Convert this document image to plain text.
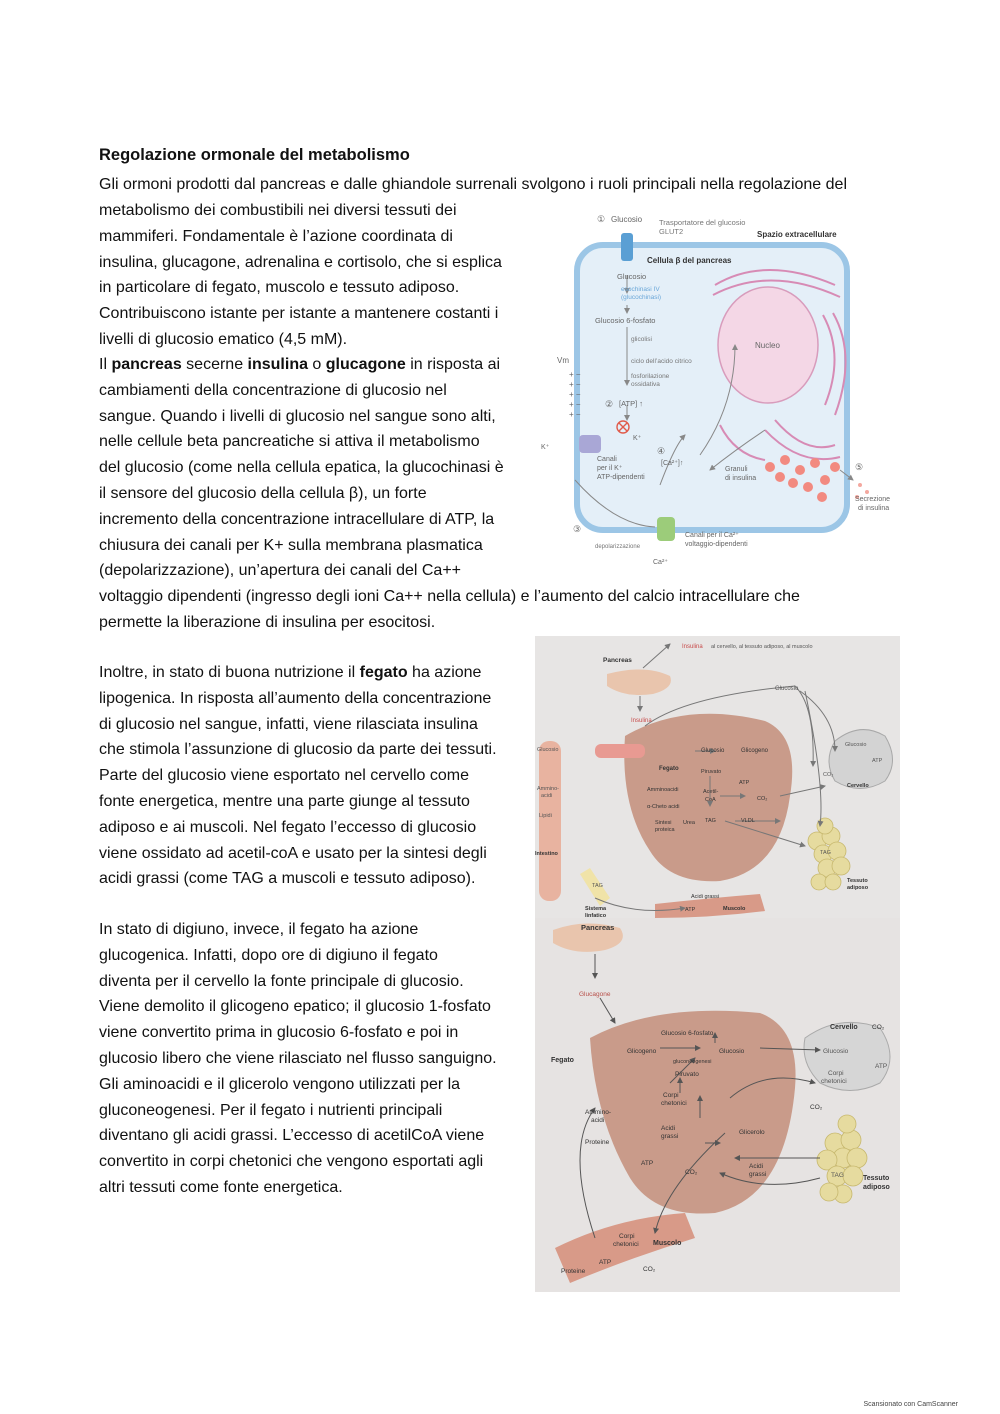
Regolazione ormonale del metabolismo
Gli ormoni prodotti dal pancreas e dalle ghiandole surrenali svolgono i ruoli principali nella regolazione del
metabolismo dei combustibili nei diversi tessuti dei
mammiferi. Fondamentale è l’azione coordinata di
insulina, glucagone, adrenalina e cortisolo, che si esplica
in particolare di fegato, muscolo e tessuto adiposo.
Contribuiscono istante per istante a mantenere costanti i
livelli di glucosio ematico (4,5 mM).
Il pancreas secerne insulina o glucagone in risposta ai
cambiamenti della concentrazione di glucosio nel
sangue. Quando i livelli di glucosio nel sangue sono alti,
nelle cellule beta pancreatiche si attiva il metabolismo
del glucosio (come nella cellula epatica, la glucochinasi è
il sensore del glucosio della cellula β), un forte
incremento della concentrazione intracellulare di ATP, la
chiusura dei canali per K+ sulla membrana plasmatica
(depolarizzazione), un’apertura dei canali del Ca++
voltaggio dipendenti (ingresso degli ioni Ca++ nella cellula) e l’aumento del calcio intracellulare che
permette la liberazione di insulina per esocitosi.
Inoltre, in stato di buona nutrizione il fegato ha azione
lipogenica. In risposta all’aumento della concentrazione
di glucosio nel sangue, infatti, viene rilasciata insulina
che stimola l’assunzione di glucosio da parte dei tessuti.
Parte del glucosio viene esportato nel cervello come
fonte energetica, mentre una parte giunge al tessuto
adiposo e ai muscoli. Nel fegato l’eccesso di glucosio
viene ossidato ad acetil-coA e usato per la sintesi degli
acidi grassi (come TAG a muscoli e tessuto adiposo).
In stato di digiuno, invece, il fegato ha azione
glucogenica. Infatti, dopo ore di digiuno il fegato
diventa per il cervello la fonte principale di glucosio.
Viene demolito il glicogeno epatico; il glucosio 1-fosfato
viene convertito prima in glucosio 6-fosfato e poi in
glucosio libero che viene rilasciato nel flusso sanguigno.
Gli aminoacidi e il glicerolo vengono utilizzati per la
gluconeogenesi. Per il fegato i nutrienti principali
diventano gli acidi grassi. L’eccesso di acetilCoA viene
convertito in corpi chetonici che vengono esportati agli
altri tessuti come fonte energetica.
① Glucosio Trasportatore del glucosio
GLUT2	Spazio extracellulare
Cellula β del pancreas
Glucosio
esochinasi IV
(glucochinasi)
Glucosio 6-fosfato
glicolisi
ciclo dell’acido citrico
fosforilazione
ossidativa
② [ATP] ↑
Nucleo
Vm
+ −
+ −
+ −
+ −
+ −
K⁺
K⁺
Canali
per il K⁺
ATP-dipendenti
④
[Ca²⁺]↑
Granuli
di insulina
⑤
Secrezione
di insulina
③
depolarizzazione
Canali per il Ca²⁺
voltaggio-dipendenti
Ca²⁺
Insulina al cervello, al tessuto adiposo, al muscolo
Pancreas
Insulina
Glucosio
Glucosio	Glucosio	Glicogeno
Fegato	Piruvato
Amminoacidi
ATP
Acetil-
CoA	CO₂
α-Cheto acidi
Sintesi
proteica
Urea TAG	VLDL
Ammino-
acidi
Lipidi
Intestino
TAG
Sistema
linfatico
Acidi grassi
ATP	Muscolo
Glucosio
ATP
CO₂
Cervello
TAG
Tessuto
adiposo
Pancreas
Glucagone
Fegato
Glucosio 6-fosfato
Glicogeno	Glucosio
gluconeogenesi
Piruvato
Corpi
chetonici
Ammino-
acidi
Proteine
Acidi
grassi
ATP
CO₂
Glicerolo
Acidi
grassi
Cervello CO₂
Glucosio
ATP
Corpi
chetonici
CO₂
TAG	Tessuto
adiposo
Corpi
chetonici Muscolo
ATP
CO₂
Proteine
Scansionato con CamScanner
